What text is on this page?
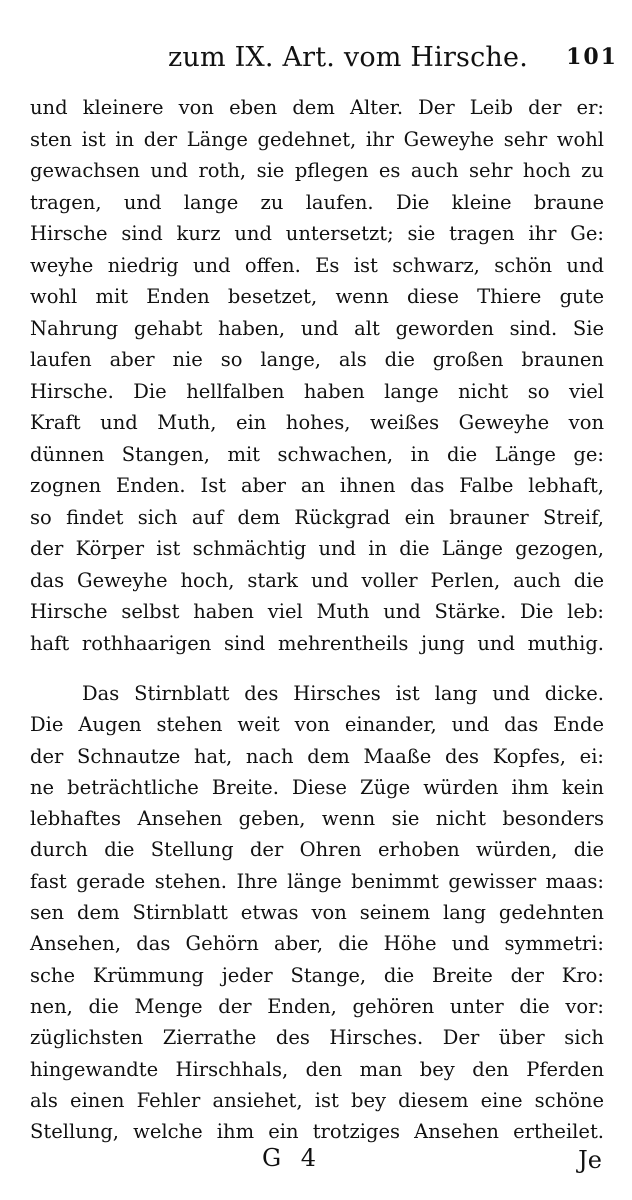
zum IX. Art. vom Hirsche. 101
und kleinere von eben dem Alter. Der Leib der er:
sten ist in der Länge gedehnet, ihr Geweyhe sehr wohl
gewachsen und roth, sie pflegen es auch sehr hoch zu
tragen, und lange zu laufen. Die kleine braune
Hirsche sind kurz und untersetzt; sie tragen ihr Ge:
weyhe niedrig und offen. Es ist schwarz, schön und
wohl mit Enden besetzet, wenn diese Thiere gute
Nahrung gehabt haben, und alt geworden sind. Sie
laufen aber nie so lange, als die großen braunen
Hirsche. Die hellfalben haben lange nicht so viel
Kraft und Muth, ein hohes, weißes Geweyhe von
dünnen Stangen, mit schwachen, in die Länge ge:
zognen Enden. Ist aber an ihnen das Falbe lebhaft,
so findet sich auf dem Rückgrad ein brauner Streif,
der Körper ist schmächtig und in die Länge gezogen,
das Geweyhe hoch, stark und voller Perlen, auch die
Hirsche selbst haben viel Muth und Stärke. Die leb:
haft rothhaarigen sind mehrentheils jung und muthig.
Das Stirnblatt des Hirsches ist lang und dicke.
Die Augen stehen weit von einander, und das Ende
der Schnautze hat, nach dem Maaße des Kopfes, ei:
ne beträchtliche Breite. Diese Züge würden ihm kein
lebhaftes Ansehen geben, wenn sie nicht besonders
durch die Stellung der Ohren erhoben würden, die
fast gerade stehen. Ihre länge benimmt gewisser maas:
sen dem Stirnblatt etwas von seinem lang gedehnten
Ansehen, das Gehörn aber, die Höhe und symmetri:
sche Krümmung jeder Stange, die Breite der Kro:
nen, die Menge der Enden, gehören unter die vor:
züglichsten Zierrathe des Hirsches. Der über sich
hingewandte Hirschhals, den man bey den Pferden
als einen Fehler ansiehet, ist bey diesem eine schöne
Stellung, welche ihm ein trotziges Ansehen ertheilet.
G 4	Je
